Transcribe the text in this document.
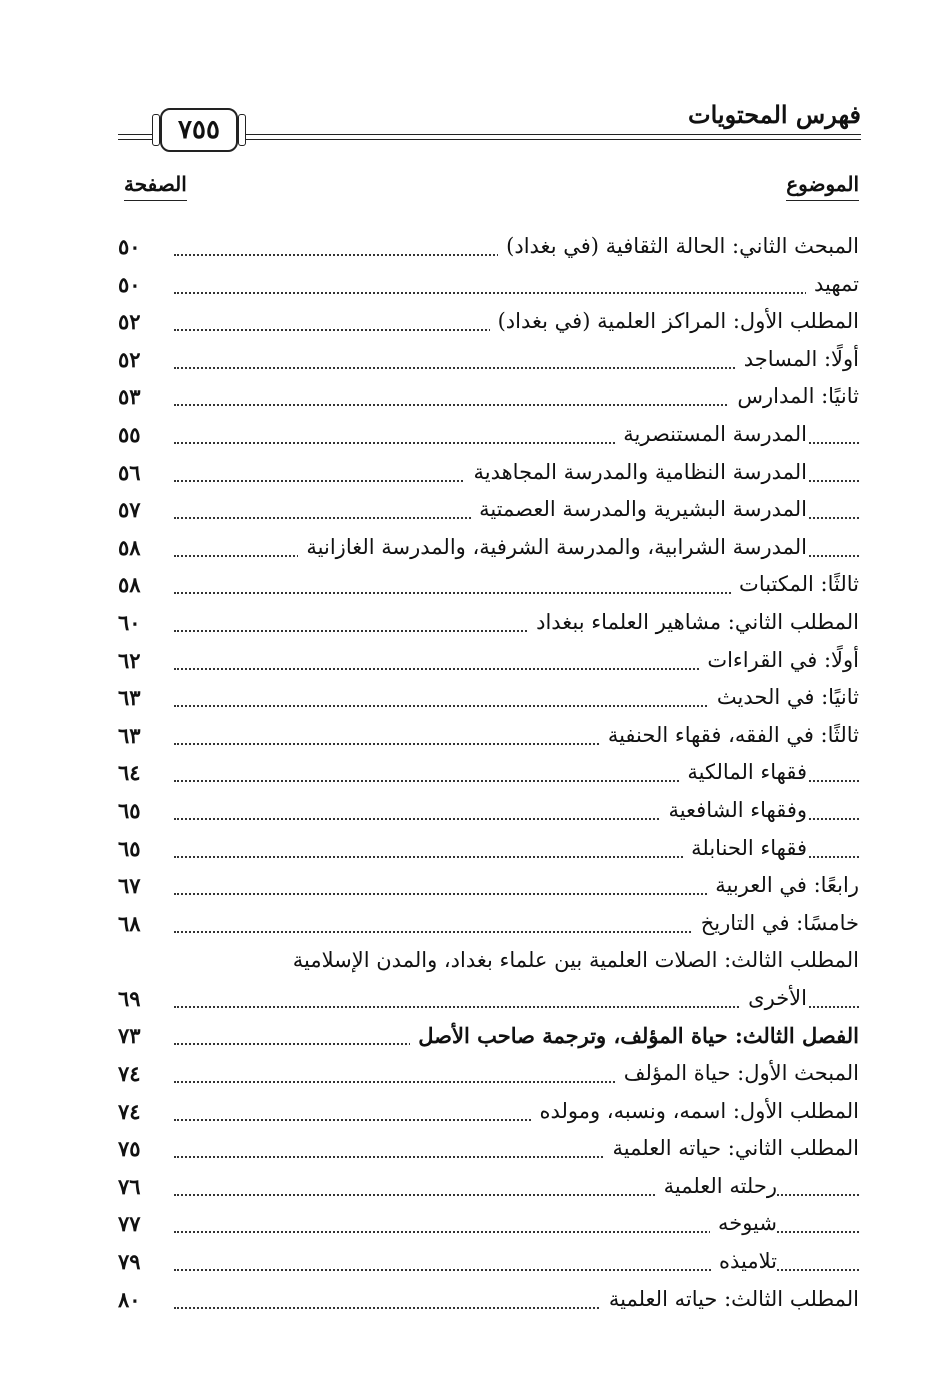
فهرس المحتويات
٧٥٥
الموضوع
الصفحة
المبحث الثاني: الحالة الثقافية (في بغداد)
٥٠
تمهيد
٥٠
المطلب الأول: المراكز العلمية (في بغداد)
٥٢
أولًا: المساجد
٥٢
ثانيًا: المدارس
٥٣
المدرسة المستنصرية
٥٥
المدرسة النظامية والمدرسة المجاهدية
٥٦
المدرسة البشيرية والمدرسة العصمتية
٥٧
المدرسة الشرابية، والمدرسة الشرفية، والمدرسة الغازانية
٥٨
ثالثًا: المكتبات
٥٨
المطلب الثاني: مشاهير العلماء ببغداد
٦٠
أولًا: في القراءات
٦٢
ثانيًا: في الحديث
٦٣
ثالثًا: في الفقه، فقهاء الحنفية
٦٣
فقهاء المالكية
٦٤
وفقهاء الشافعية
٦٥
فقهاء الحنابلة
٦٥
رابعًا: في العربية
٦٧
خامسًا: في التاريخ
٦٨
المطلب الثالث: الصلات العلمية بين علماء بغداد، والمدن الإسلامية
الأخرى
٦٩
الفصل الثالث: حياة المؤلف، وترجمة صاحب الأصل
٧٣
المبحث الأول: حياة المؤلف
٧٤
المطلب الأول: اسمه، ونسبه، ومولده
٧٤
المطلب الثاني: حياته العلمية
٧٥
رحلته العلمية
٧٦
شيوخه
٧٧
تلاميذه
٧٩
المطلب الثالث: حياته العلمية
٨٠
